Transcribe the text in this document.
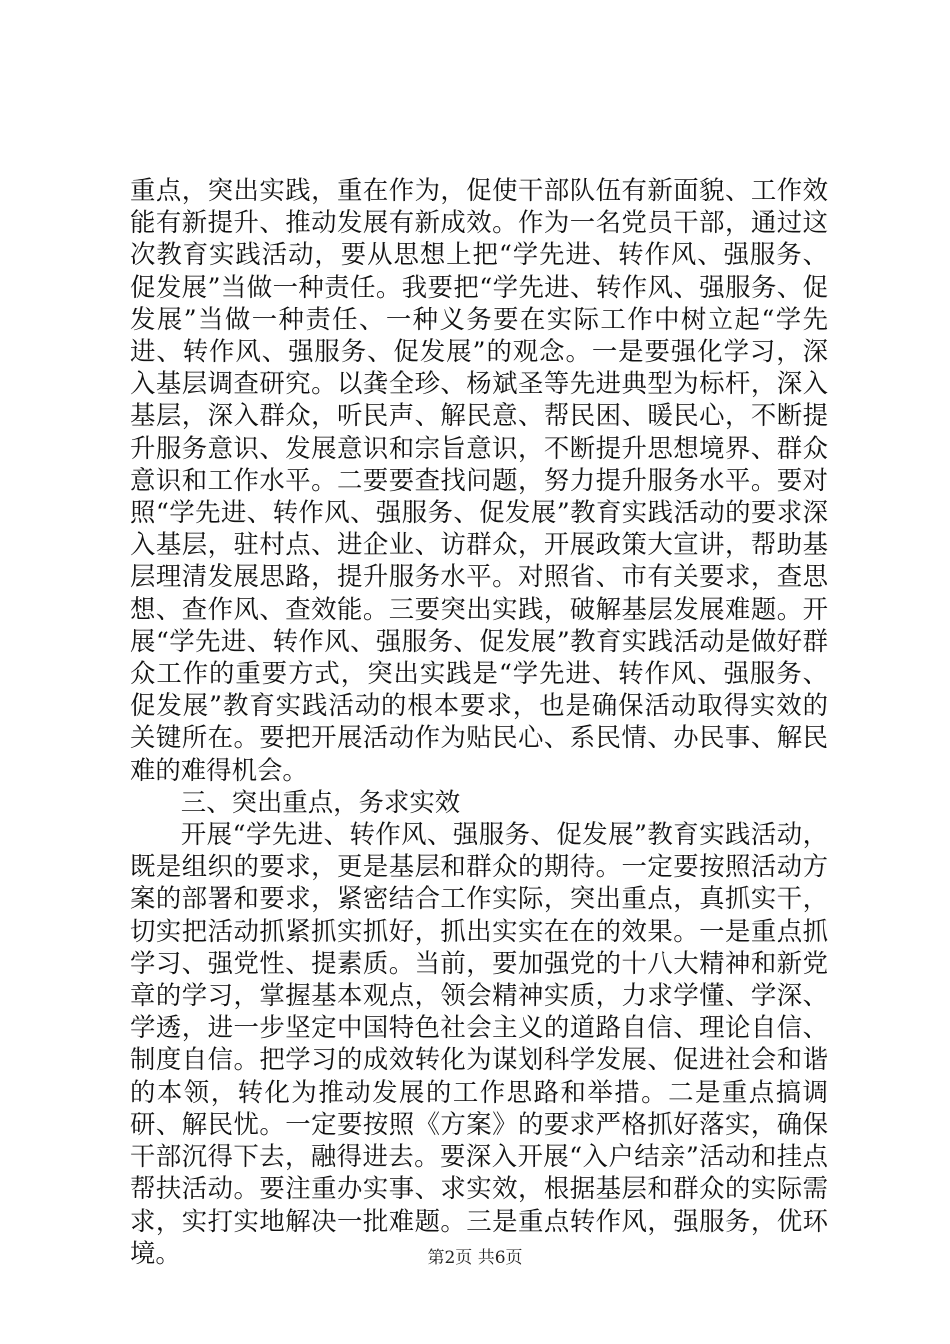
重点，突出实践，重在作为，促使干部队伍有新面貌、工作效能有新提升、推动发展有新成效。作为一名党员干部，通过这次教育实践活动，要从思想上把“学先进、转作风、强服务、促发展”当做一种责任。我要把“学先进、转作风、强服务、促发展”当做一种责任、一种义务要在实际工作中树立起“学先进、转作风、强服务、促发展”的观念。一是要强化学习，深入基层调查研究。以龚全珍、杨斌圣等先进典型为标杆，深入基层，深入群众，听民声、解民意、帮民困、暖民心，不断提升服务意识、发展意识和宗旨意识，不断提升思想境界、群众意识和工作水平。二要要查找问题，努力提升服务水平。要对照“学先进、转作风、强服务、促发展”教育实践活动的要求深入基层，驻村点、进企业、访群众，开展政策大宣讲，帮助基层理清发展思路，提升服务水平。对照省、市有关要求，查思想、查作风、查效能。三要突出实践，破解基层发展难题。开展“学先进、转作风、强服务、促发展”教育实践活动是做好群众工作的重要方式，突出实践是“学先进、转作风、强服务、促发展”教育实践活动的根本要求，也是确保活动取得实效的关键所在。要把开展活动作为贴民心、系民情、办民事、解民难的难得机会。

三、突出重点，务求实效

开展“学先进、转作风、强服务、促发展”教育实践活动，既是组织的要求，更是基层和群众的期待。一定要按照活动方案的部署和要求，紧密结合工作实际，突出重点，真抓实干，切实把活动抓紧抓实抓好，抓出实实在在的效果。一是重点抓学习、强党性、提素质。当前，要加强党的十八大精神和新党章的学习，掌握基本观点，领会精神实质，力求学懂、学深、学透，进一步坚定中国特色社会主义的道路自信、理论自信、制度自信。把学习的成效转化为谋划科学发展、促进社会和谐的本领，转化为推动发展的工作思路和举措。二是重点搞调研、解民忧。一定要按照《方案》的要求严格抓好落实，确保干部沉得下去，融得进去。要深入开展“入户结亲”活动和挂点帮扶活动。要注重办实事、求实效，根据基层和群众的实际需求，实打实地解决一批难题。三是重点转作风，强服务，优环境。	第2页 共6页
